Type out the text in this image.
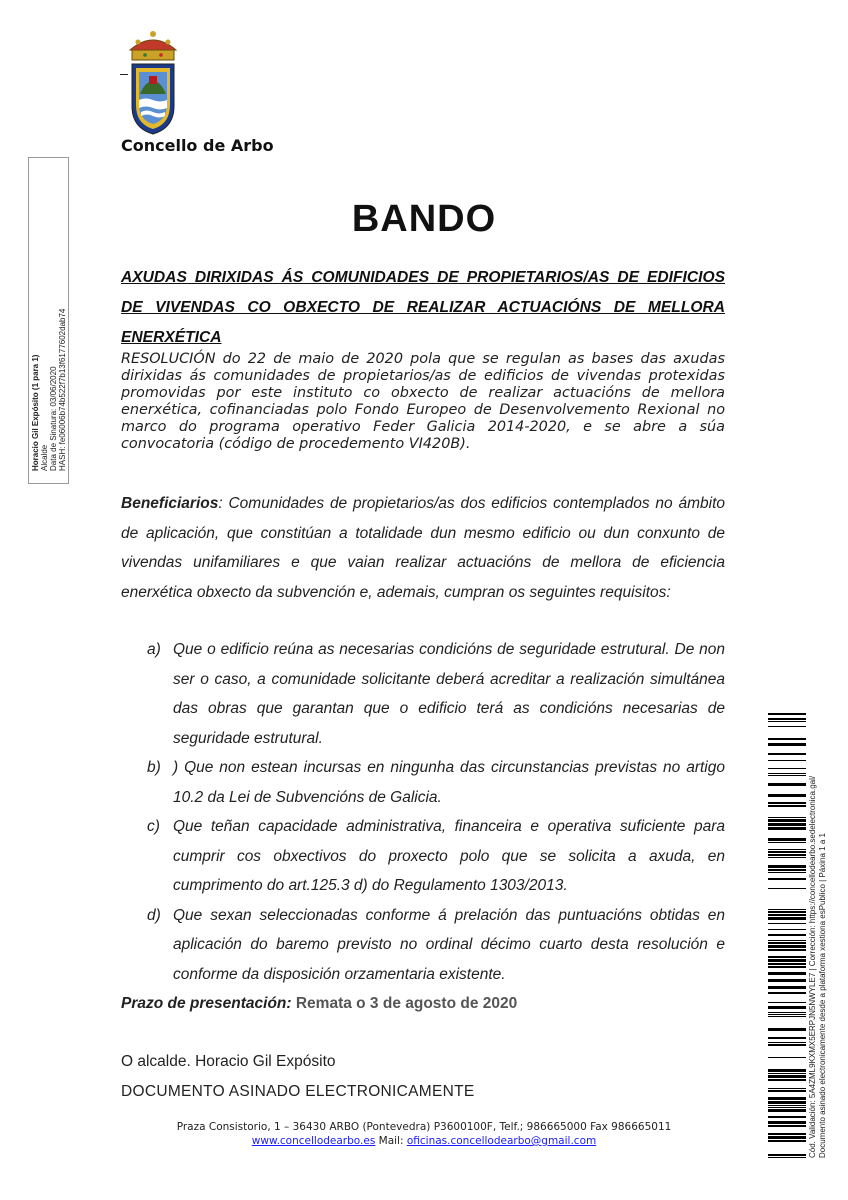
Concello de Arbo
Horacio Gil Expósito (1 para 1) Alcalde Data de Sinatura: 03/06/2020 HASH: fe06006b74b522f7b13f6177602dab74
BANDO
AXUDAS DIRIXIDAS ÁS COMUNIDADES DE PROPIETARIOS/AS DE EDIFICIOS DE VIVENDAS CO OBXECTO DE REALIZAR ACTUACIÓNS DE MELLORA ENERXÉTICA
RESOLUCIÓN do 22 de maio de 2020 pola que se regulan as bases das axudas dirixidas ás comunidades de propietarios/as de edificios de vivendas protexidas promovidas por este instituto co obxecto de realizar actuacións de mellora enerxética, cofinanciadas polo Fondo Europeo de Desenvolvemento Rexional no marco do programa operativo Feder Galicia 2014-2020, e se abre a súa convocatoria (código de procedemento VI420B).
Beneficiarios: Comunidades de propietarios/as dos edificios contemplados no ámbito de aplicación, que constitúan a totalidade dun mesmo edificio ou dun conxunto de vivendas unifamiliares e que vaian realizar actuacións de mellora de eficiencia enerxética obxecto da subvención e, ademais, cumpran os seguintes requisitos:
a) Que o edificio reúna as necesarias condicións de seguridade estrutural. De non ser o caso, a comunidade solicitante deberá acreditar a realización simultánea das obras que garantan que o edificio terá as condicións necesarias de seguridade estrutural.
b) ) Que non estean incursas en ningunha das circunstancias previstas no artigo 10.2 da Lei de Subvencións de Galicia.
c) Que teñan capacidade administrativa, financeira e operativa suficiente para cumprir cos obxectivos do proxecto polo que se solicita a axuda, en cumprimento do art.125.3 d) do Regulamento 1303/2013.
d) Que sexan seleccionadas conforme á prelación das puntuacións obtidas en aplicación do baremo previsto no ordinal décimo cuarto desta resolución e conforme da disposición orzamentaria existente.
Prazo de presentación: Remata o 3 de agosto de 2020
O alcalde. Horacio Gil Expósito
DOCUMENTO ASINADO ELECTRONICAMENTE
Praza Consistorio, 1 – 36430 ARBO (Pontevedra) P3600100F, Telf.; 986665000 Fax 986665011
www.concellodearbo.es Mail: oficinas.concellodearbo@gmail.com	Cód. Validación: 5A4ZML9KXMX5ERPJN5NWYLE7 | Corrección: https://concellodearbo.sedelectronica.gal/ Documento asinado electronicamente desde a plataforma xestiona esPublico | Páxina 1 a 1
